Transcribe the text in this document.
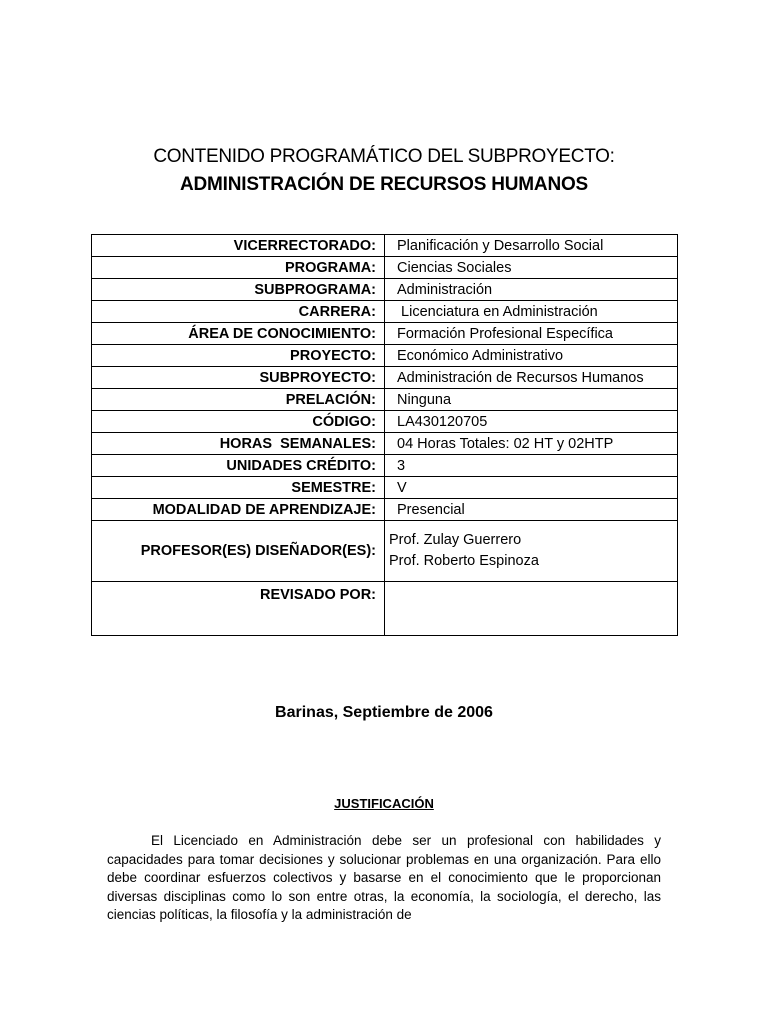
CONTENIDO PROGRAMÁTICO DEL SUBPROYECTO:
ADMINISTRACIÓN DE RECURSOS HUMANOS
VICERRECTORADO:	Planificación y Desarrollo Social
PROGRAMA:	Ciencias Sociales
SUBPROGRAMA:	Administración
CARRERA:	Licenciatura en Administración
ÁREA DE CONOCIMIENTO:	Formación Profesional Específica
PROYECTO:	Económico Administrativo
SUBPROYECTO:	Administración de Recursos Humanos
PRELACIÓN:	Ninguna
CÓDIGO:	LA430120705
HORAS  SEMANALES:	04 Horas Totales: 02 HT y 02HTP
UNIDADES CRÉDITO:	3
SEMESTRE:	V
MODALIDAD DE APRENDIZAJE:	Presencial
PROFESOR(ES) DISEÑADOR(ES):	Prof. Zulay Guerrero
Prof. Roberto Espinoza

REVISADO POR:	
Barinas, Septiembre de 2006
JUSTIFICACIÓN

El Licenciado en Administración debe ser un profesional con habilidades y capacidades para tomar decisiones y solucionar problemas en una organización. Para ello debe coordinar esfuerzos colectivos y basarse en el conocimiento que le proporcionan diversas disciplinas como lo son entre otras, la economía, la sociología, el derecho, las ciencias políticas, la filosofía y la administración de
